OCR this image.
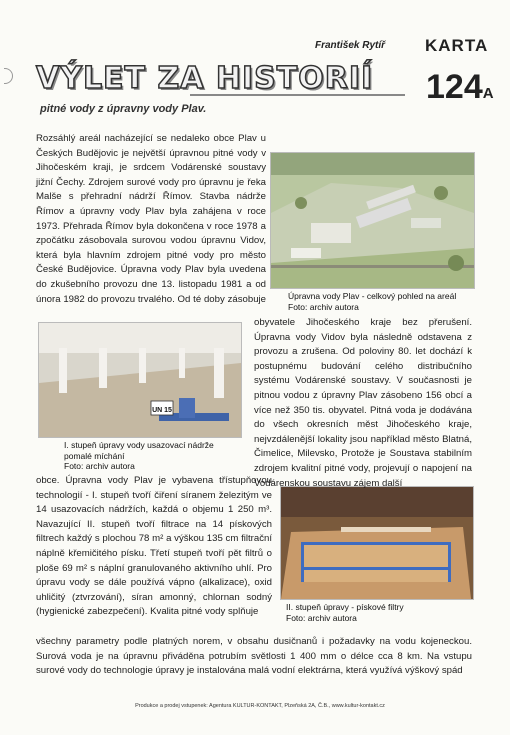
František Rytíř KARTA
124A
VÝLET ZA HISTORIÍ
pitné vody z úpravny vody Plav.
Úpravna vody Plav - celkový pohled na areál
Foto: archiv autora
UN 15
I. stupeň úpravy vody usazovací nádrže pomalé míchání
Foto: archiv autora
II. stupeň úpravy - pískové filtry
Foto: archiv autora
Rozsáhlý areál nacházející se nedaleko obce Plav u Českých Budějovic je největší úpravnou pitné vody v Jihočeském kraji, je srdcem Vodárenské soustavy jižní Čechy. Zdrojem surové vody pro úpravnu je řeka Malše s přehradní nádrží Římov. Stavba nádrže Římov a úpravny vody Plav byla zahájena v roce 1973. Přehrada Římov byla dokončena v roce 1978 a zpočátku zásobovala surovou vodou úpravnu Vidov, která byla hlavním zdrojem pitné vody pro město České Budějovice. Úpravna vody Plav byla uvedena do zkušebního provozu dne 13. listopadu 1981 a od února 1982 do provozu trvalého. Od té doby zásobuje
obyvatele Jihočeského kraje bez přerušení. Úpravna vody Vidov byla následně odstavena z provozu a zrušena. Od poloviny 80. let dochází k postupnému budování celého distribučního systému Vodárenské soustavy. V současnosti je pitnou vodou z úpravny Plav zásobeno 156 obcí a více než 350 tis. obyvatel. Pitná voda je dodávána do všech okresních měst Jihočeského kraje, nejvzdálenější lokality jsou například město Blatná, Čimelice, Milevsko, Protože je Soustava stabilním zdrojem kvalitní pitné vody, projevují o napojení na Vodárenskou soustavu zájem další
obce. Úpravna vody Plav je vybavena třístupňovou technologií - I. stupeň tvoří čiření síranem železitým ve 14 usazovacích nádržích, každá o objemu 1 250 m³. Navazující II. stupeň tvoří filtrace na 14 pískových filtrech každý s plochou 78 m² a výškou 135 cm filtrační náplně křemičitého písku. Třetí stupeň tvoří pět filtrů o ploše 69 m² s náplní granulovaného aktivního uhlí. Pro úpravu vody se dále používá vápno (alkalizace), oxid uhličitý (ztvrzování), síran amonný, chlornan sodný (hygienické zabezpečení). Kvalita pitné vody splňuje
všechny parametry podle platných norem, v obsahu dusičnanů i požadavky na vodu kojeneckou. Surová voda je na úpravnu přiváděna potrubím světlosti 1 400 mm o délce cca 8 km. Na vstupu surové vody do technologie úpravy je instalována malá vodní elektrárna, která využívá výškový spád
Produkce a prodej vstupenek: Agentura KULTUR-KONTAKT, Plzeňská 2A, Č.B., www.kultur-kontakt.cz
